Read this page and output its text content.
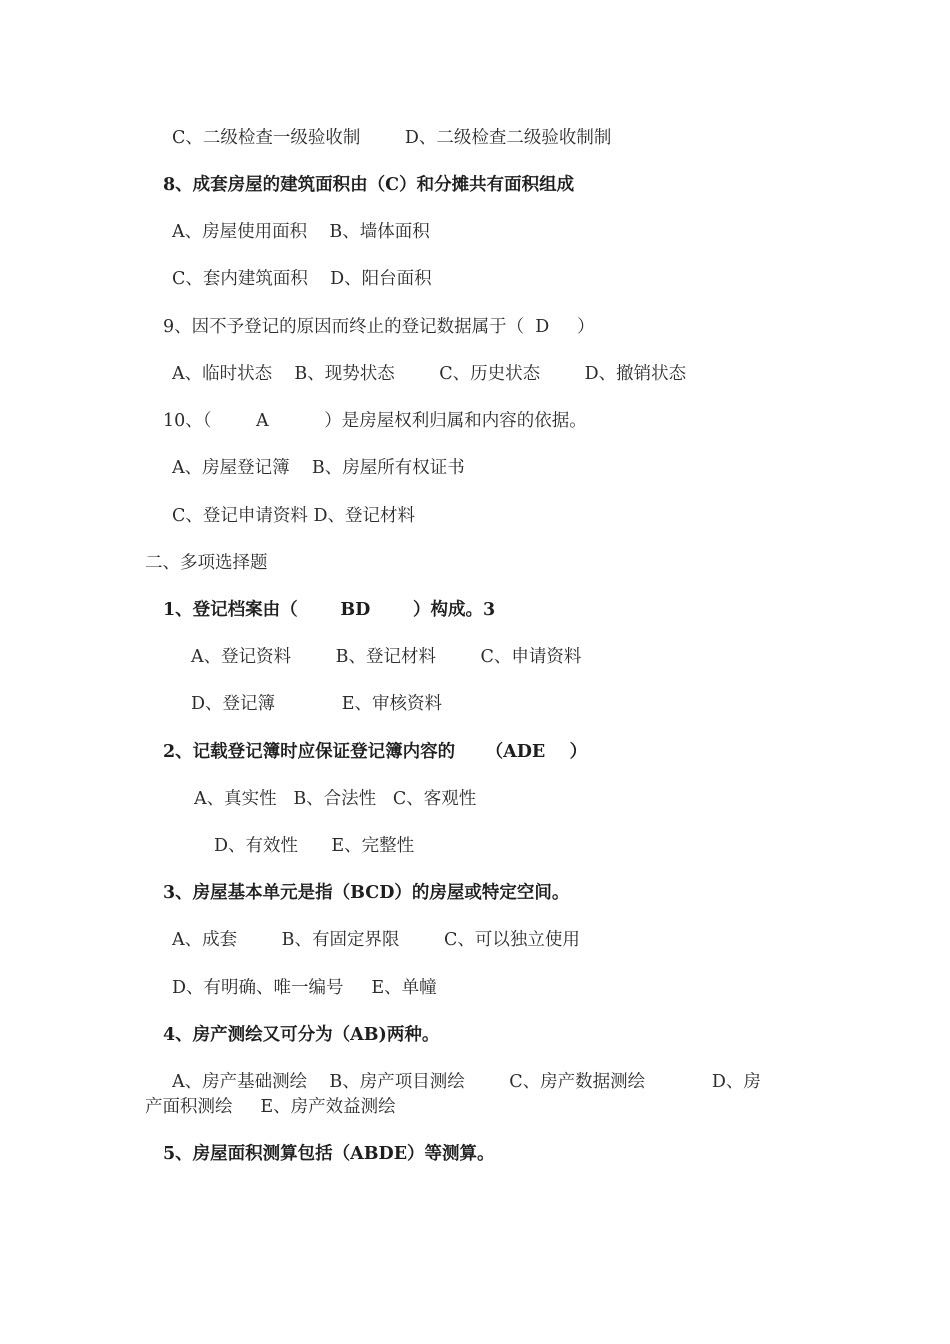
C、二级检查一级验收制        D、二级检查二级验收制制
8、成套房屋的建筑面积由（C）和分摊共有面积组成
A、房屋使用面积    B、墙体面积
C、套内建筑面积    D、阳台面积
9、因不予登记的原因而终止的登记数据属于（  D     ）
A、临时状态    B、现势状态        C、历史状态        D、撤销状态
10、（        A          ）是房屋权利归属和内容的依据。
A、房屋登记簿    B、房屋所有权证书
C、登记申请资料 D、登记材料
二、多项选择题
1、登记档案由（       BD       ）构成。3
A、登记资料        B、登记材料        C、申请资料
D、登记簿            E、审核资料
2、记载登记簿时应保证登记簿内容的     （ADE    ）
A、真实性   B、合法性   C、客观性
D、有效性      E、完整性
3、房屋基本单元是指（BCD）的房屋或特定空间。
A、成套        B、有固定界限        C、可以独立使用
D、有明确、唯一编号     E、单幢
4、房产测绘又可分为（AB)两种。
A、房产基础测绘    B、房产项目测绘        C、房产数据测绘            D、房
产面积测绘     E、房产效益测绘
5、房屋面积测算包括（ABDE）等测算。
